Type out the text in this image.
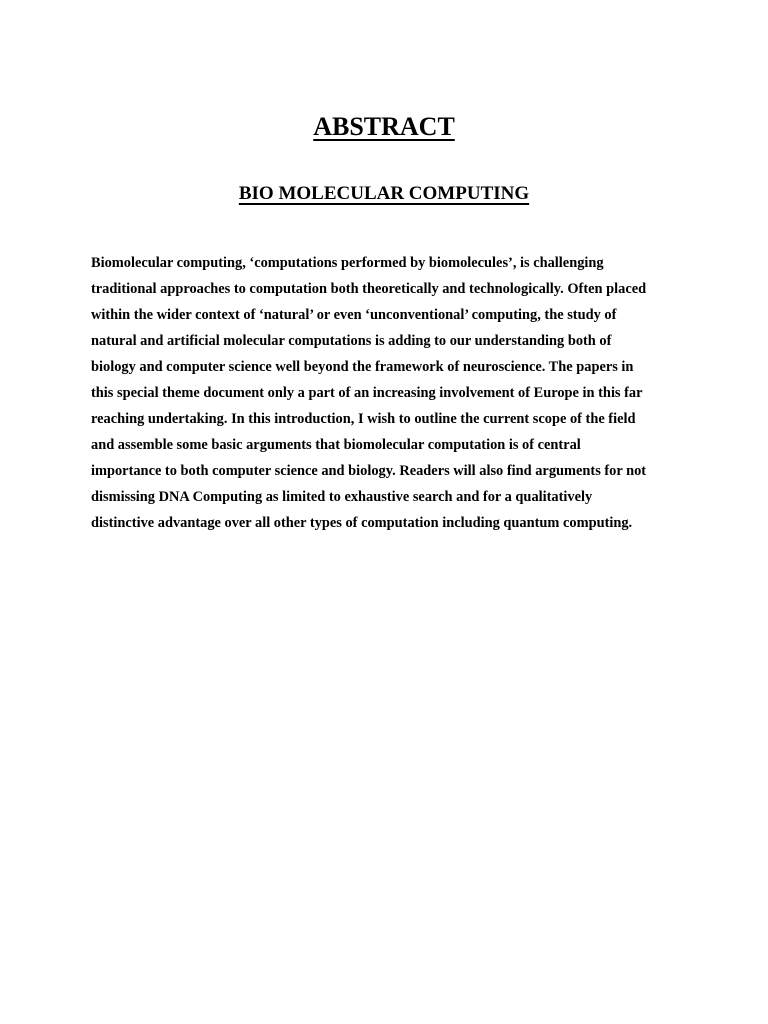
ABSTRACT
BIO MOLECULAR COMPUTING
Biomolecular computing, ‘computations performed by biomolecules’, is challenging
traditional approaches to computation both theoretically and technologically. Often placed
within the wider context of ‘natural’ or even ‘unconventional’ computing, the study of
natural and artificial molecular computations is adding to our understanding both of
biology and computer science well beyond the framework of neuroscience. The papers in
this special theme document only a part of an increasing involvement of Europe in this far
reaching undertaking. In this introduction, I wish to outline the current scope of the field
and assemble some basic arguments that biomolecular computation is of central
importance to both computer science and biology. Readers will also find arguments for not
dismissing DNA Computing as limited to exhaustive search and for a qualitatively
distinctive advantage over all other types of computation including quantum computing.
